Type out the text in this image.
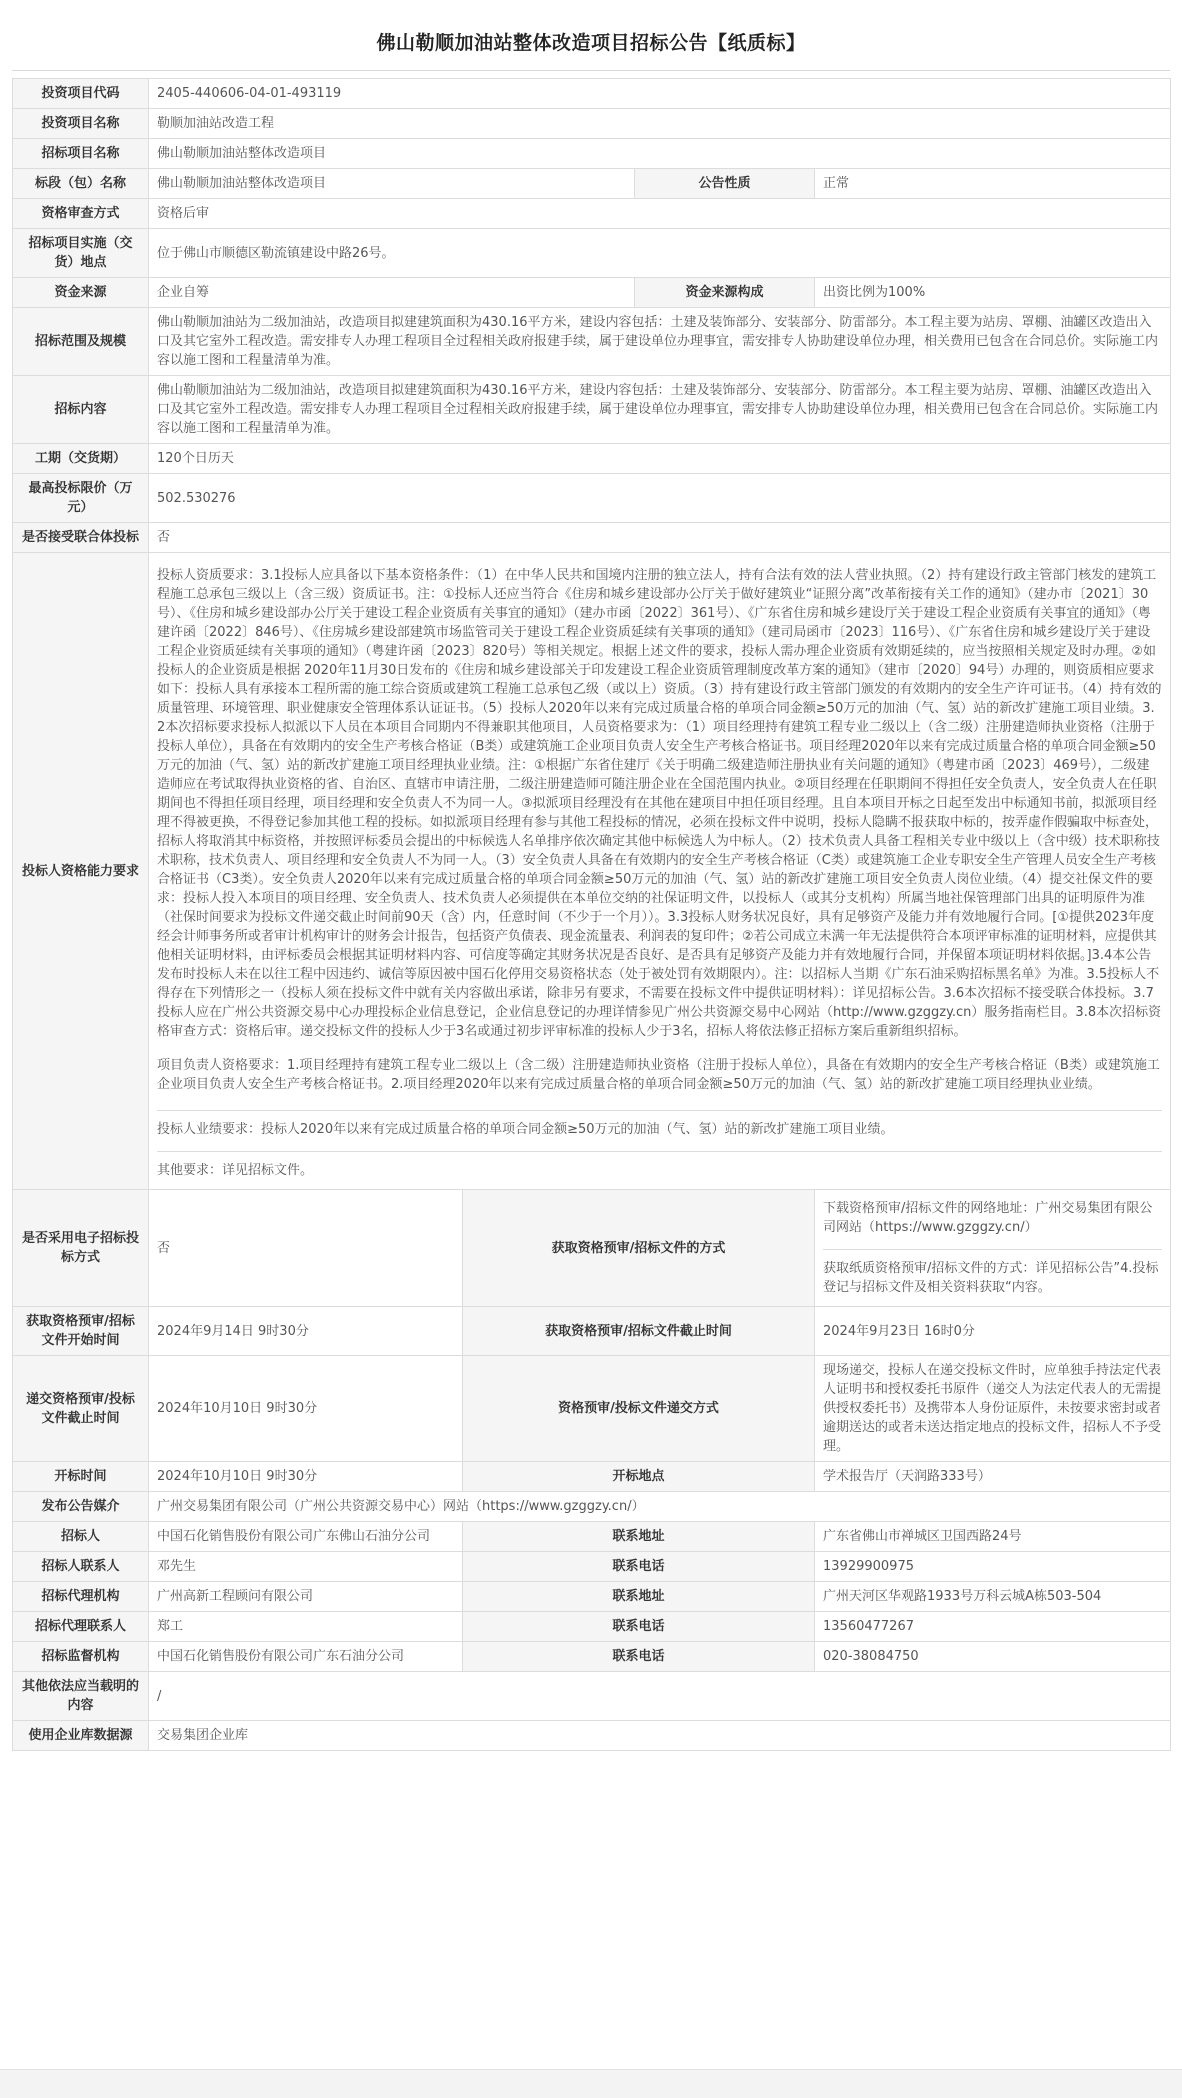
佛山勒顺加油站整体改造项目招标公告【纸质标】
投资项目代码	2405-440606-04-01-493119			
投资项目名称	勒顺加油站改造工程			
招标项目名称	佛山勒顺加油站整体改造项目			
标段（包）名称	佛山勒顺加油站整体改造项目		公告性质	正常
资格审查方式	资格后审			
招标项目实施（交货）地点	位于佛山市顺德区勒流镇建设中路26号。			
资金来源	企业自筹		资金来源构成	出资比例为100%
招标范围及规模	佛山勒顺加油站为二级加油站，改造项目拟建建筑面积为430.16平方米，建设内容包括：土建及装饰部分、安装部分、防雷部分。本工程主要为站房、罩棚、油罐区改造出入口及其它室外工程改造。需安排专人办理工程项目全过程相关政府报建手续，属于建设单位办理事宜，需安排专人协助建设单位办理，相关费用已包含在合同总价。实际施工内容以施工图和工程量清单为准。			
招标内容	佛山勒顺加油站为二级加油站，改造项目拟建建筑面积为430.16平方米，建设内容包括：土建及装饰部分、安装部分、防雷部分。本工程主要为站房、罩棚、油罐区改造出入口及其它室外工程改造。需安排专人办理工程项目全过程相关政府报建手续，属于建设单位办理事宜，需安排专人协助建设单位办理，相关费用已包含在合同总价。实际施工内容以施工图和工程量清单为准。			
工期（交货期）	120个日历天			
最高投标限价（万元）	502.530276			
是否接受联合体投标	否			
投标人资格能力要求	投标人资质要求：3.1投标人应具备以下基本资格条件：（1）在中华人民共和国境内注册的独立法人，持有合法有效的法人营业执照。（2）持有建设行政主管部门核发的建筑工程施工总承包三级以上（含三级）资质证书。注：①投标人还应当符合《住房和城乡建设部办公厅关于做好建筑业“证照分离”改革衔接有关工作的通知》（建办市〔2021〕30号）、《住房和城乡建设部办公厅关于建设工程企业资质有关事宜的通知》（建办市函〔2022〕361号）、《广东省住房和城乡建设厅关于建设工程企业资质有关事宜的通知》（粤建许函〔2022〕846号）、《住房城乡建设部建筑市场监管司关于建设工程企业资质延续有关事项的通知》（建司局函市〔2023〕116号）、《广东省住房和城乡建设厅关于建设工程企业资质延续有关事项的通知》（粤建许函〔2023〕820号）等相关规定。根据上述文件的要求，投标人需办理企业资质有效期延续的，应当按照相关规定及时办理。②如投标人的企业资质是根据 2020年11月30日发布的《住房和城乡建设部关于印发建设工程企业资质管理制度改革方案的通知》（建市〔2020〕94号）办理的，则资质相应要求如下：投标人具有承接本工程所需的施工综合资质或建筑工程施工总承包乙级（或以上）资质。（3）持有建设行政主管部门颁发的有效期内的安全生产许可证书。（4）持有效的质量管理、环境管理、职业健康安全管理体系认证证书。（5）投标人2020年以来有完成过质量合格的单项合同金额≥50万元的加油（气、氢）站的新改扩建施工项目业绩。3.2本次招标要求投标人拟派以下人员在本项目合同期内不得兼职其他项目，人员资格要求为：（1）项目经理持有建筑工程专业二级以上（含二级）注册建造师执业资格（注册于投标人单位），具备在有效期内的安全生产考核合格证（B类）或建筑施工企业项目负责人安全生产考核合格证书。项目经理2020年以来有完成过质量合格的单项合同金额≥50万元的加油（气、氢）站的新改扩建施工项目经理执业业绩。注：①根据广东省住建厅《关于明确二级建造师注册执业有关问题的通知》（粤建市函〔2023〕469号），二级建造师应在考试取得执业资格的省、自治区、直辖市申请注册，二级注册建造师可随注册企业在全国范围内执业。②项目经理在任职期间不得担任安全负责人，安全负责人在任职期间也不得担任项目经理，项目经理和安全负责人不为同一人。③拟派项目经理没有在其他在建项目中担任项目经理。且自本项目开标之日起至发出中标通知书前，拟派项目经理不得被更换，不得登记参加其他工程的投标。如拟派项目经理有参与其他工程投标的情况，必须在投标文件中说明，投标人隐瞒不报获取中标的，按弄虚作假骗取中标查处，招标人将取消其中标资格，并按照评标委员会提出的中标候选人名单排序依次确定其他中标候选人为中标人。（2）技术负责人具备工程相关专业中级以上（含中级）技术职称技术职称，技术负责人、项目经理和安全负责人不为同一人。（3）安全负责人具备在有效期内的安全生产考核合格证（C类）或建筑施工企业专职安全生产管理人员安全生产考核合格证书（C3类）。安全负责人2020年以来有完成过质量合格的单项合同金额≥50万元的加油（气、氢）站的新改扩建施工项目安全负责人岗位业绩。（4）提交社保文件的要求：投标人投入本项目的项目经理、安全负责人、技术负责人必须提供在本单位交纳的社保证明文件，以投标人（或其分支机构）所属当地社保管理部门出具的证明原件为准（社保时间要求为投标文件递交截止时间前90天（含）内，任意时间（不少于一个月））。3.3投标人财务状况良好，具有足够资产及能力并有效地履行合同。[①提供2023年度经会计师事务所或者审计机构审计的财务会计报告，包括资产负债表、现金流量表、利润表的复印件；②若公司成立未满一年无法提供符合本项评审标准的证明材料，应提供其他相关证明材料，由评标委员会根据其证明材料内容、可信度等确定其财务状况是否良好、是否具有足够资产及能力并有效地履行合同，并保留本项证明材料依据。]3.4本公告发布时投标人未在以往工程中因违约、诚信等原因被中国石化停用交易资格状态（处于被处罚有效期限内）。注：以招标人当期《广东石油采购招标黑名单》为准。3.5投标人不得存在下列情形之一（投标人须在投标文件中就有关内容做出承诺，除非另有要求，不需要在投标文件中提供证明材料）：详见招标公告。3.6本次招标不接受联合体投标。3.7投标人应在广州公共资源交易中心办理投标企业信息登记，企业信息登记的办理详情参见广州公共资源交易中心网站（http://www.gzggzy.cn）服务指南栏目。3.8本次招标资格审查方式：资格后审。递交投标文件的投标人少于3名或通过初步评审标准的投标人少于3名，招标人将依法修正招标方案后重新组织招标。
项目负责人资格要求：1.项目经理持有建筑工程专业二级以上（含二级）注册建造师执业资格（注册于投标人单位），具备在有效期内的安全生产考核合格证（B类）或建筑施工企业项目负责人安全生产考核合格证书。2.项目经理2020年以来有完成过质量合格的单项合同金额≥50万元的加油（气、氢）站的新改扩建施工项目经理执业业绩。
投标人业绩要求：投标人2020年以来有完成过质量合格的单项合同金额≥50万元的加油（气、氢）站的新改扩建施工项目业绩。
其他要求：详见招标文件。			

是否采用电子招标投标方式	否	获取资格预审/招标文件的方式		下载资格预审/招标文件的网络地址：广州交易集团有限公司网站（https://www.gzggzy.cn/）
获取纸质资格预审/招标文件的方式：详见招标公告”4.投标登记与招标文件及相关资料获取“内容。

获取资格预审/招标文件开始时间	2024年9月14日 9时30分	获取资格预审/招标文件截止时间		2024年9月23日 16时0分
递交资格预审/投标文件截止时间	2024年10月10日 9时30分	资格预审/投标文件递交方式		现场递交，投标人在递交投标文件时，应单独手持法定代表人证明书和授权委托书原件（递交人为法定代表人的无需提供授权委托书）及携带本人身份证原件，未按要求密封或者逾期送达的或者未送达指定地点的投标文件，招标人不予受理。
开标时间	2024年10月10日 9时30分	开标地点		学术报告厅（天润路333号）
发布公告媒介	广州交易集团有限公司（广州公共资源交易中心）网站（https://www.gzggzy.cn/）			
招标人	中国石化销售股份有限公司广东佛山石油分公司	联系地址		广东省佛山市禅城区卫国西路24号
招标人联系人	邓先生	联系电话		13929900975
招标代理机构	广州高新工程顾问有限公司	联系地址		广州天河区华观路1933号万科云城A栋503-504
招标代理联系人	郑工	联系电话		13560477267
招标监督机构	中国石化销售股份有限公司广东石油分公司	联系电话		020-38084750
其他依法应当载明的内容	/			
使用企业库数据源	交易集团企业库			
